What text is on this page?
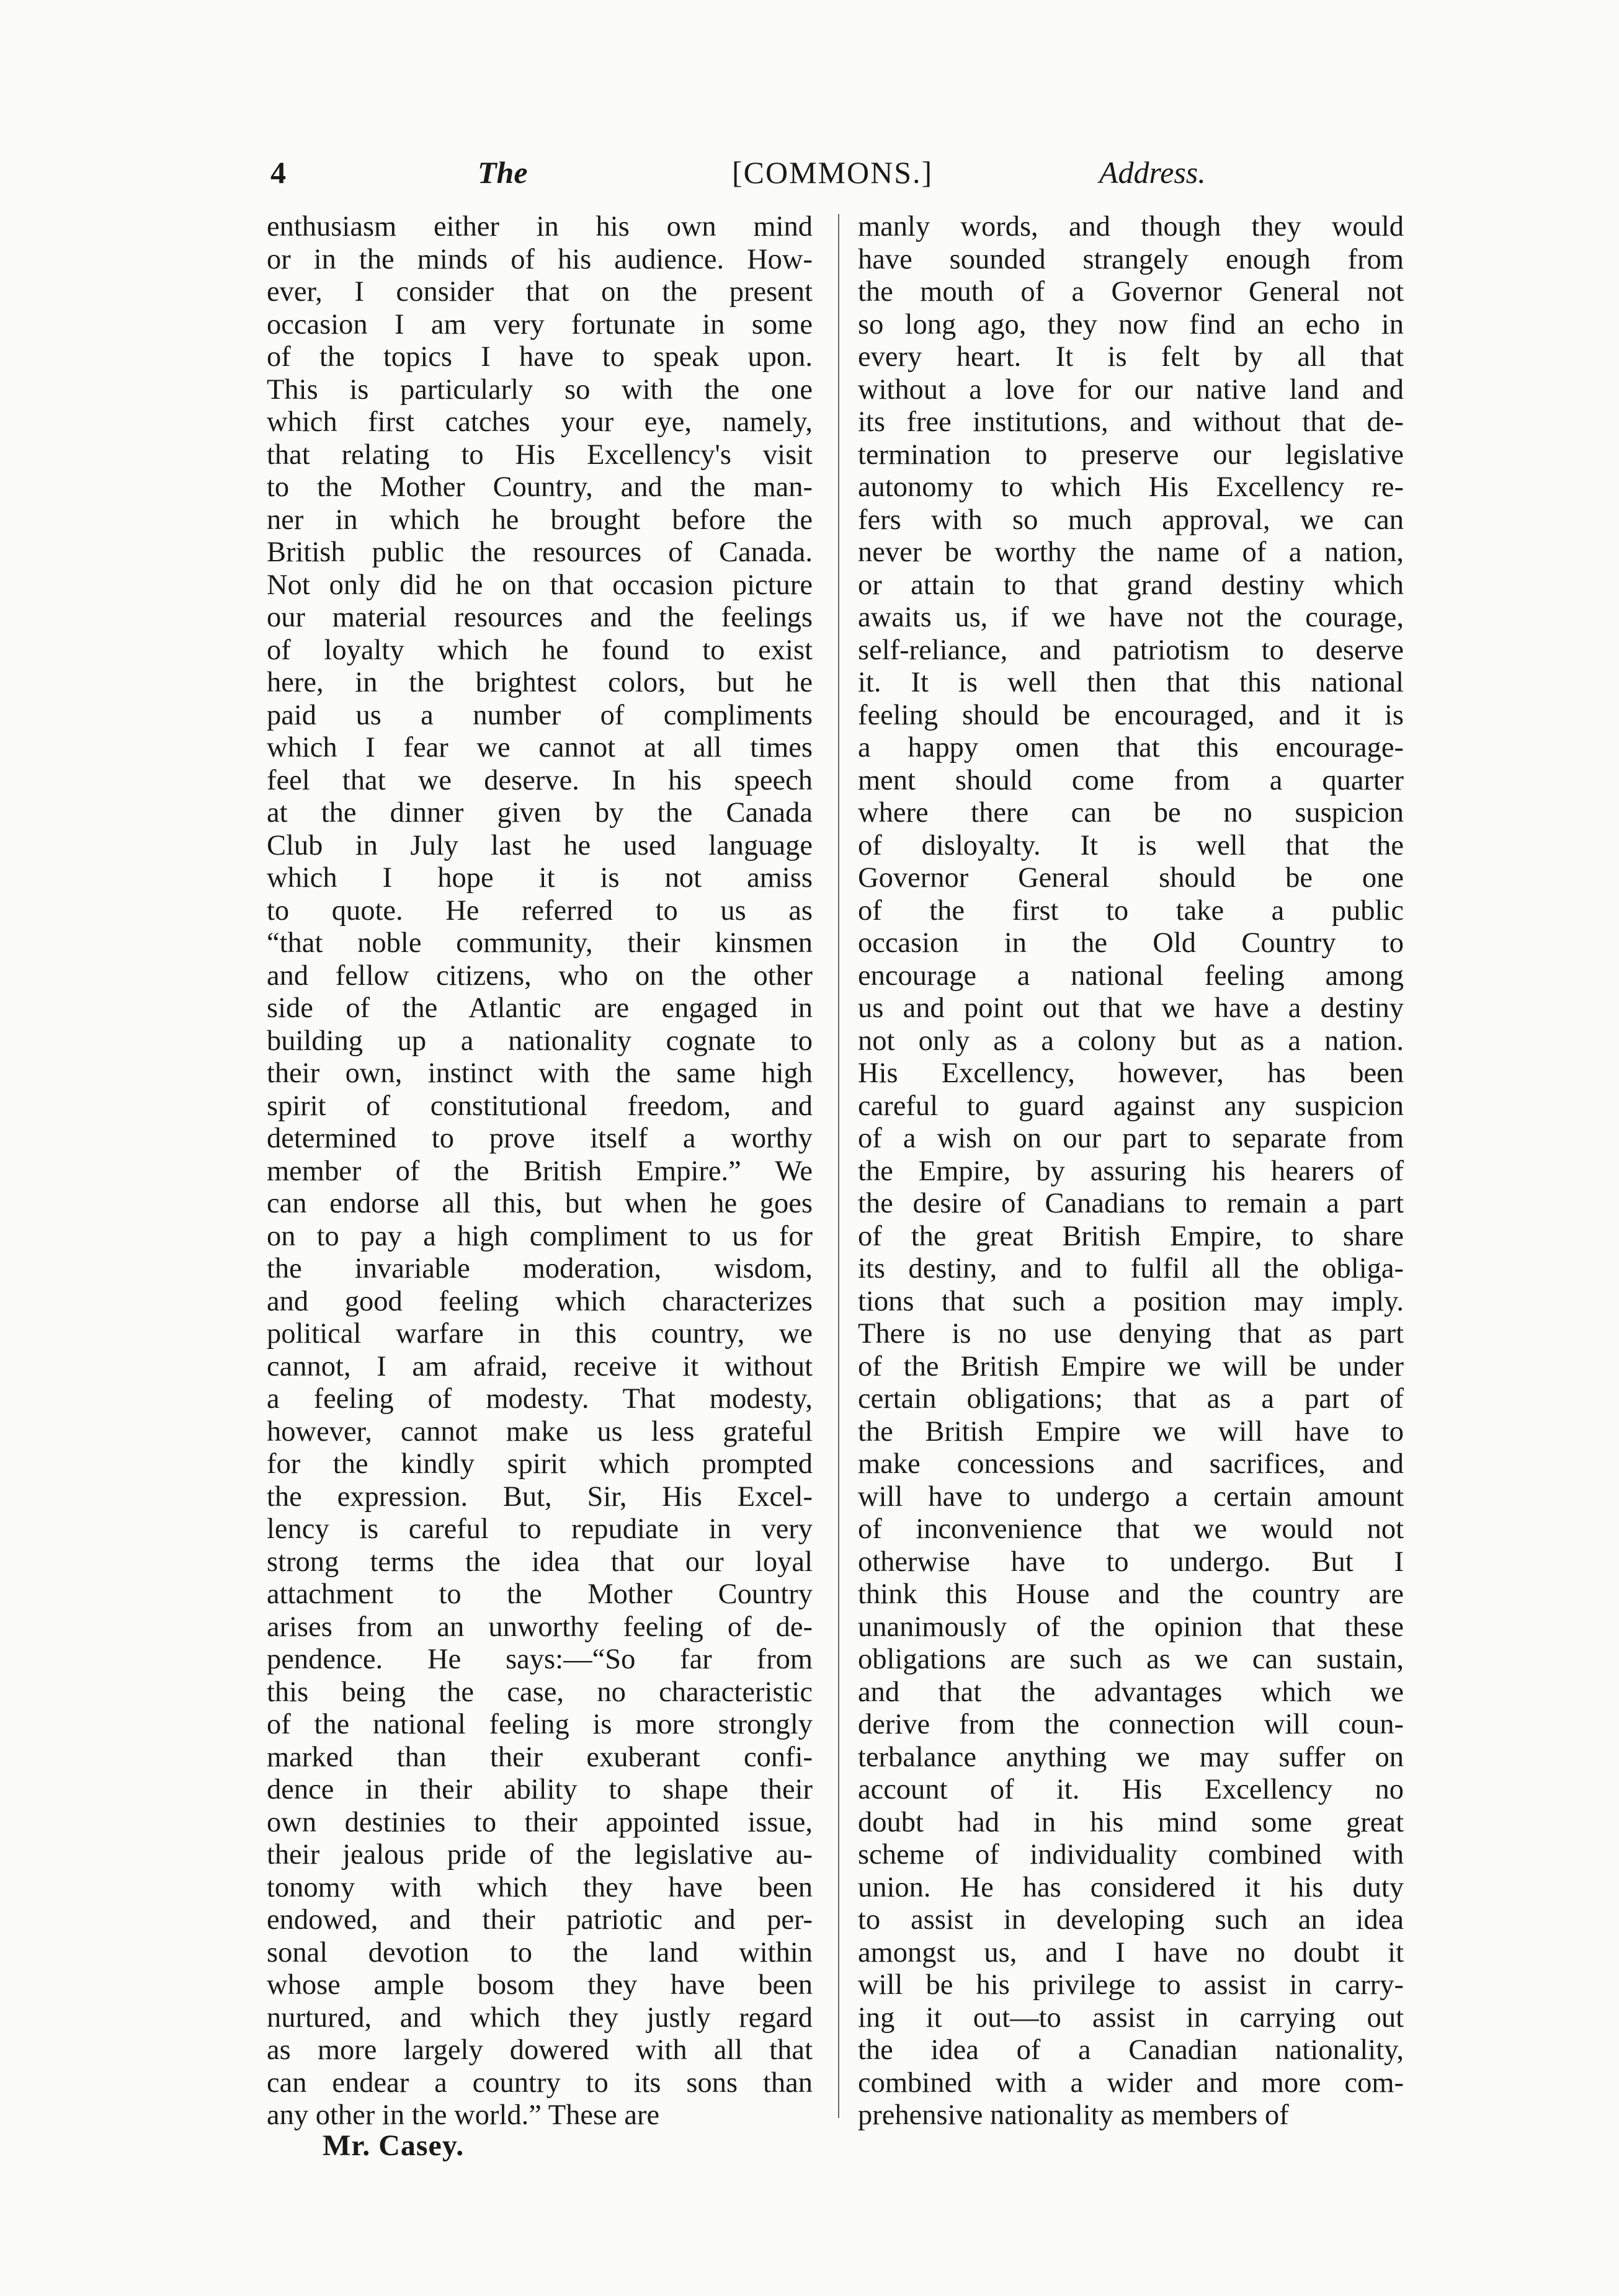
4	The	[COMMONS.]	Address.
enthusiasm either in his own mind
or in the minds of his audience. How-
ever, I consider that on the present
occasion I am very fortunate in some
of the topics I have to speak upon.
This is particularly so with the one
which first catches your eye, namely,
that relating to His Excellency's visit
to the Mother Country, and the man-
ner in which he brought before the
British public the resources of Canada.
Not only did he on that occasion picture
our material resources and the feelings
of loyalty which he found to exist
here, in the brightest colors, but he
paid us a number of compliments
which I fear we cannot at all times
feel that we deserve. In his speech
at the dinner given by the Canada
Club in July last he used language
which I hope it is not amiss
to quote. He referred to us as
“that noble community, their kinsmen
and fellow citizens, who on the other
side of the Atlantic are engaged in
building up a nationality cognate to
their own, instinct with the same high
spirit of constitutional freedom, and
determined to prove itself a worthy
member of the British Empire.” We
can endorse all this, but when he goes
on to pay a high compliment to us for
the invariable moderation, wisdom,
and good feeling which characterizes
political warfare in this country, we
cannot, I am afraid, receive it without
a feeling of modesty. That modesty,
however, cannot make us less grateful
for the kindly spirit which prompted
the expression. But, Sir, His Excel-
lency is careful to repudiate in very
strong terms the idea that our loyal
attachment to the Mother Country
arises from an unworthy feeling of de-
pendence. He says:—“So far from
this being the case, no characteristic
of the national feeling is more strongly
marked than their exuberant confi-
dence in their ability to shape their
own destinies to their appointed issue,
their jealous pride of the legislative au-
tonomy with which they have been
endowed, and their patriotic and per-
sonal devotion to the land within
whose ample bosom they have been
nurtured, and which they justly regard
as more largely dowered with all that
can endear a country to its sons than
any other in the world.” These are
manly words, and though they would
have sounded strangely enough from
the mouth of a Governor General not
so long ago, they now find an echo in
every heart. It is felt by all that
without a love for our native land and
its free institutions, and without that de-
termination to preserve our legislative
autonomy to which His Excellency re-
fers with so much approval, we can
never be worthy the name of a nation,
or attain to that grand destiny which
awaits us, if we have not the courage,
self-reliance, and patriotism to deserve
it. It is well then that this national
feeling should be encouraged, and it is
a happy omen that this encourage-
ment should come from a quarter
where there can be no suspicion
of disloyalty. It is well that the
Governor General should be one
of the first to take a public
occasion in the Old Country to
encourage a national feeling among
us and point out that we have a destiny
not only as a colony but as a nation.
His Excellency, however, has been
careful to guard against any suspicion
of a wish on our part to separate from
the Empire, by assuring his hearers of
the desire of Canadians to remain a part
of the great British Empire, to share
its destiny, and to fulfil all the obliga-
tions that such a position may imply.
There is no use denying that as part
of the British Empire we will be under
certain obligations; that as a part of
the British Empire we will have to
make concessions and sacrifices, and
will have to undergo a certain amount
of inconvenience that we would not
otherwise have to undergo. But I
think this House and the country are
unanimously of the opinion that these
obligations are such as we can sustain,
and that the advantages which we
derive from the connection will coun-
terbalance anything we may suffer on
account of it. His Excellency no
doubt had in his mind some great
scheme of individuality combined with
union. He has considered it his duty
to assist in developing such an idea
amongst us, and I have no doubt it
will be his privilege to assist in carry-
ing it out—to assist in carrying out
the idea of a Canadian nationality,
combined with a wider and more com-
prehensive nationality as members of
Mr. Casey.
